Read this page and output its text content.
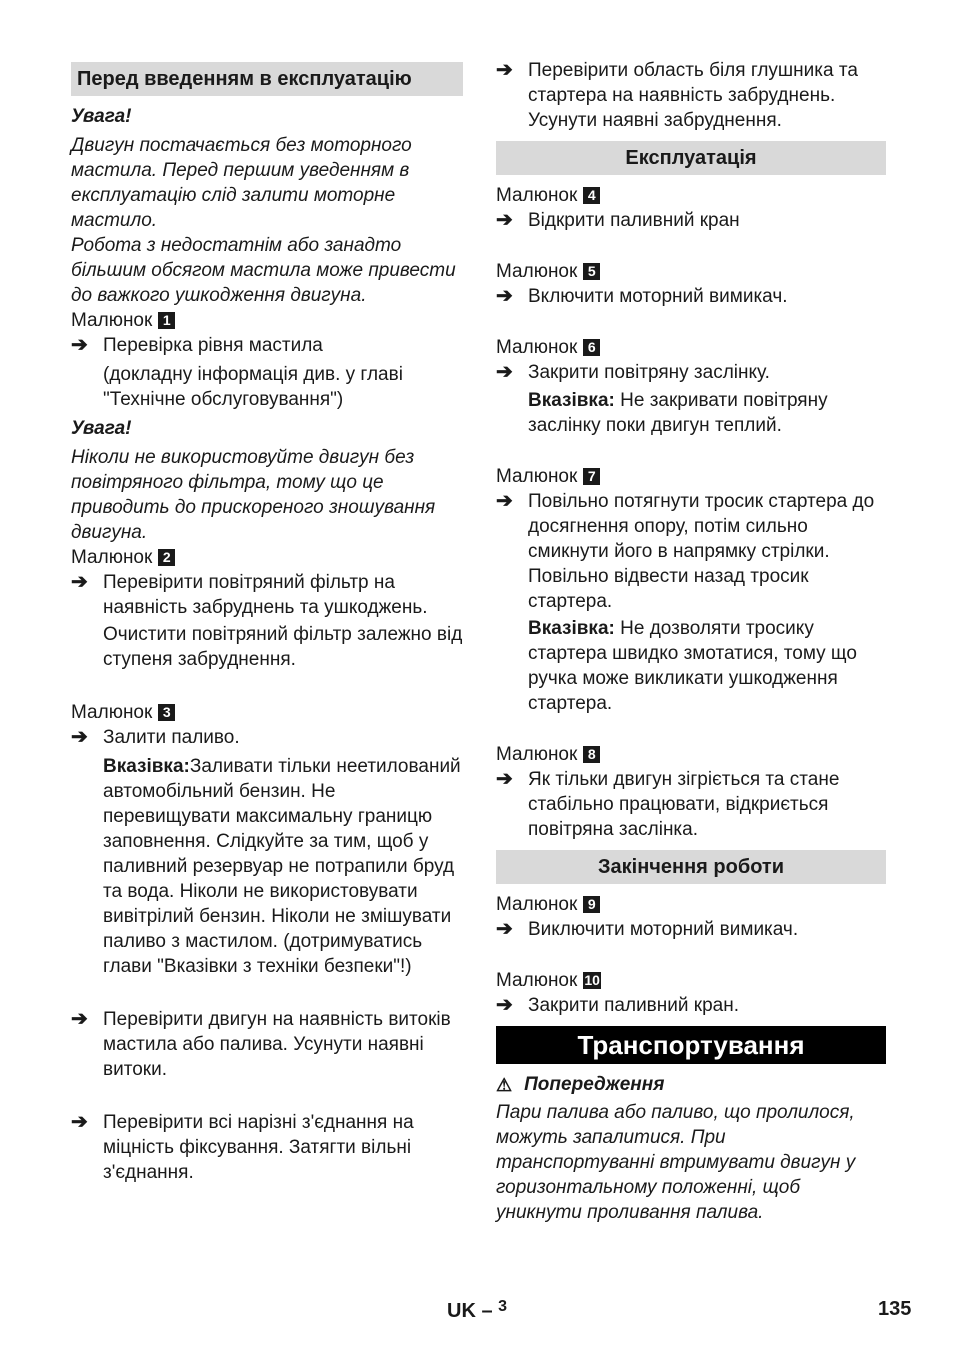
Перед введенням в експлуатацію

Увага!

Двигун постачається без моторного мастила. Перед першим уведенням в експлуатацію слід залити моторне мастило.

Робота з недостатнім або занадто більшим обсягом мастила може привести до важкого ушкодження двигуна.

Малюнок 1

➔ Перевірка рівня мастила

(докладну інформація див. у главі "Технічне обслуговування")

Увага!

Ніколи не використовуйте двигун без повітряного фільтра, тому що це приводить до прискореного зношування двигуна.

Малюнок 2

➔ Перевірити повітряний фільтр на наявність забруднень та ушкоджень.

Очистити повітряний фільтр залежно від ступеня забруднення.

Малюнок 3

➔ Залити паливо.

Вказівка:Заливати тільки неетилований автомобільний бензин. Не перевищувати максимальну границю заповнення. Слідкуйте за тим, щоб у паливний резервуар не потрапили бруд та вода. Ніколи не використовувати вивітрілий бензин. Ніколи не змішувати паливо з мастилом. (дотримуватись глави "Вказівки з техніки безпеки"!)

➔ Перевірити двигун на наявність витоків мастила або палива. Усунути наявні витоки.
➔ Перевірити всі нарізні з'єднання на міцність фіксування. Затягти вільні з'єднання.
➔ Перевірити область біля глушника та стартера на наявність забруднень.

Усунути наявні забруднення.

Експлуатація

Малюнок 4

➔ Відкрити паливний кран

Малюнок 5

➔ Включити моторний вимикач.

Малюнок 6

➔ Закрити повітряну заслінку.

Вказівка: Не закривати повітряну заслінку поки двигун теплий.

Малюнок 7

➔ Повільно потягнути тросик стартера до досягнення опору, потім сильно смикнути його в напрямку стрілки.

Повільно відвести назад тросик стартера.

Вказівка: Не дозволяти тросику стартера швидко змотатися, тому що ручка може викликати ушкодження стартера.

Малюнок 8

➔ Як тільки двигун зігріється та стане стабільно працювати, відкриється повітряна заслінка.
Закінчення роботи

Малюнок 9

➔ Виключити моторний вимикач.

Малюнок 10

➔ Закрити паливний кран.
Транспортування
⚠ Попередження

Пари палива або паливо, що пролилося, можуть запалитися. При транспортуванні втримувати двигун у горизонтальному положенні, щоб уникнути проливання палива.

UK – $^3$	135
